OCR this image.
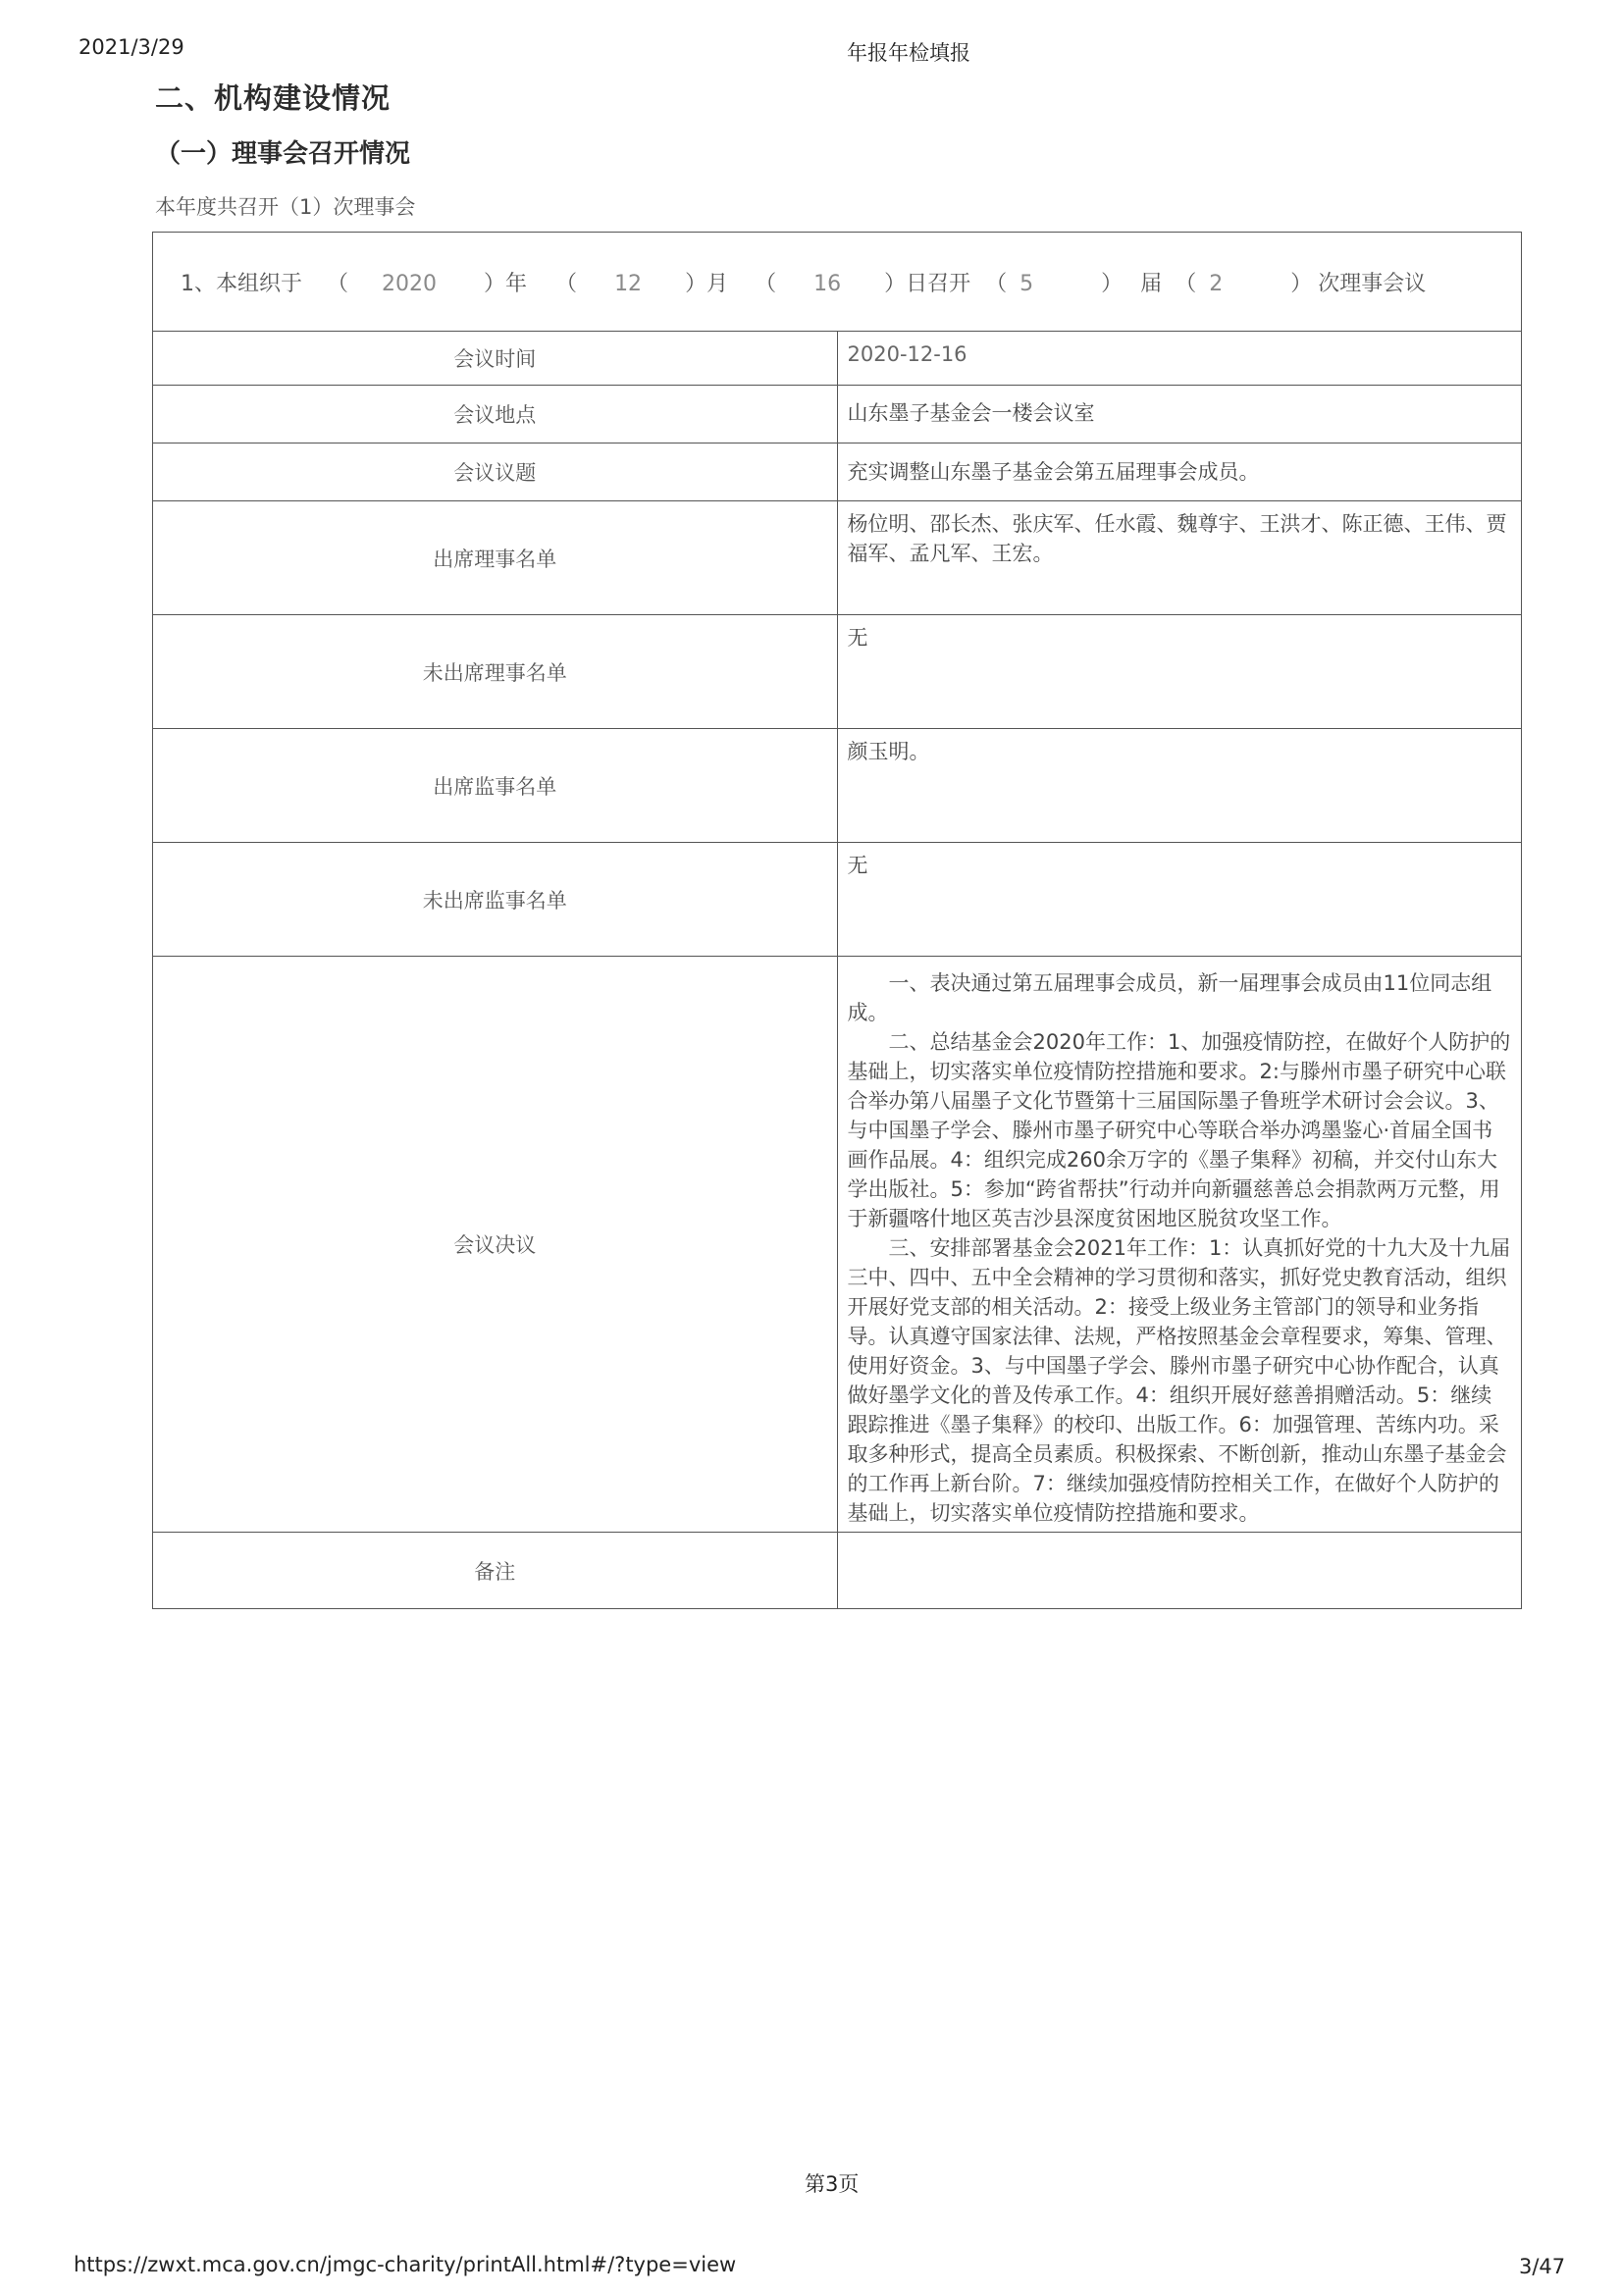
2021/3/29	年报年检填报
二、机构建设情况
（一）理事会召开情况
本年度共召开（1）次理事会
1、本组织于 （ 2020 ）年 （ 12 ）月 （ 16 ）日召开 （ 5 ） 届 （ 2 ） 次理事会议	
会议时间	2020-12-16
会议地点	山东墨子基金会一楼会议室
会议议题	充实调整山东墨子基金会第五届理事会成员。
出席理事名单	杨位明、邵长杰、张庆军、任水霞、魏尊宇、王洪才、陈正德、王伟、贾福军、孟凡军、王宏。
未出席理事名单	无
出席监事名单	颜玉明。
未出席监事名单	无
会议决议	一、表决通过第五届理事会成员，新一届理事会成员由11位同志组成。

二、总结基金会2020年工作：1、加强疫情防控，在做好个人防护的基础上，切实落实单位疫情防控措施和要求。2:与滕州市墨子研究中心联合举办第八届墨子文化节暨第十三届国际墨子鲁班学术研讨会会议。3、与中国墨子学会、滕州市墨子研究中心等联合举办鸿墨鉴心·首届全国书画作品展。4：组织完成260余万字的《墨子集释》初稿，并交付山东大学出版社。5：参加“跨省帮扶”行动并向新疆慈善总会捐款两万元整，用于新疆喀什地区英吉沙县深度贫困地区脱贫攻坚工作。

三、安排部署基金会2021年工作：1：认真抓好党的十九大及十九届三中、四中、五中全会精神的学习贯彻和落实，抓好党史教育活动，组织开展好党支部的相关活动。2：接受上级业务主管部门的领导和业务指导。认真遵守国家法律、法规，严格按照基金会章程要求，筹集、管理、使用好资金。3、与中国墨子学会、滕州市墨子研究中心协作配合，认真做好墨学文化的普及传承工作。4：组织开展好慈善捐赠活动。5：继续跟踪推进《墨子集释》的校印、出版工作。6：加强管理、苦练内功。采取多种形式，提高全员素质。积极探索、不断创新，推动山东墨子基金会的工作再上新台阶。7：继续加强疫情防控相关工作，在做好个人防护的基础上，切实落实单位疫情防控措施和要求。

备注	
第3页
https://zwxt.mca.gov.cn/jmgc-charity/printAll.html#/?type=view	3/47
